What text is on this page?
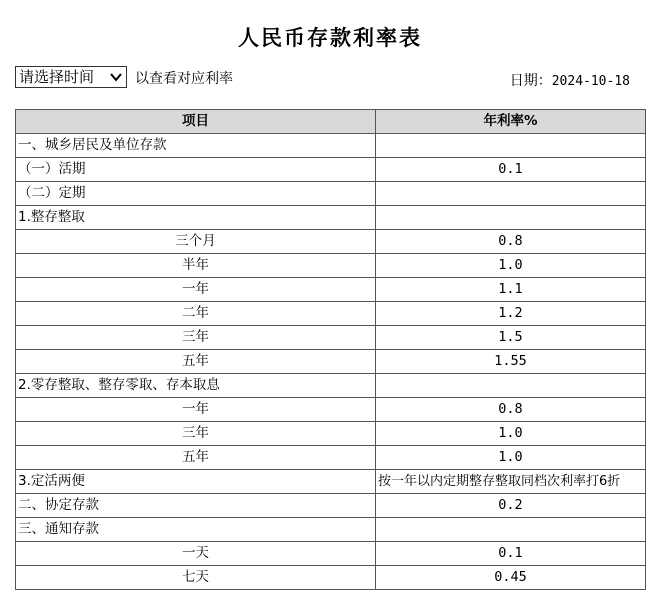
人民币存款利率表
请选择时间	以查看对应利率	日期：2024-10-18
项目	年利率%
一、城乡居民及单位存款	
（一）活期	0.1
（二）定期	
1.整存整取	
三个月	0.8
半年	1.0
一年	1.1
二年	1.2
三年	1.5
五年	1.55
2.零存整取、整存零取、存本取息	
一年	0.8
三年	1.0
五年	1.0
3.定活两便	按一年以内定期整存整取同档次利率打6折
二、协定存款	0.2
三、通知存款	
一天	0.1
七天	0.45
